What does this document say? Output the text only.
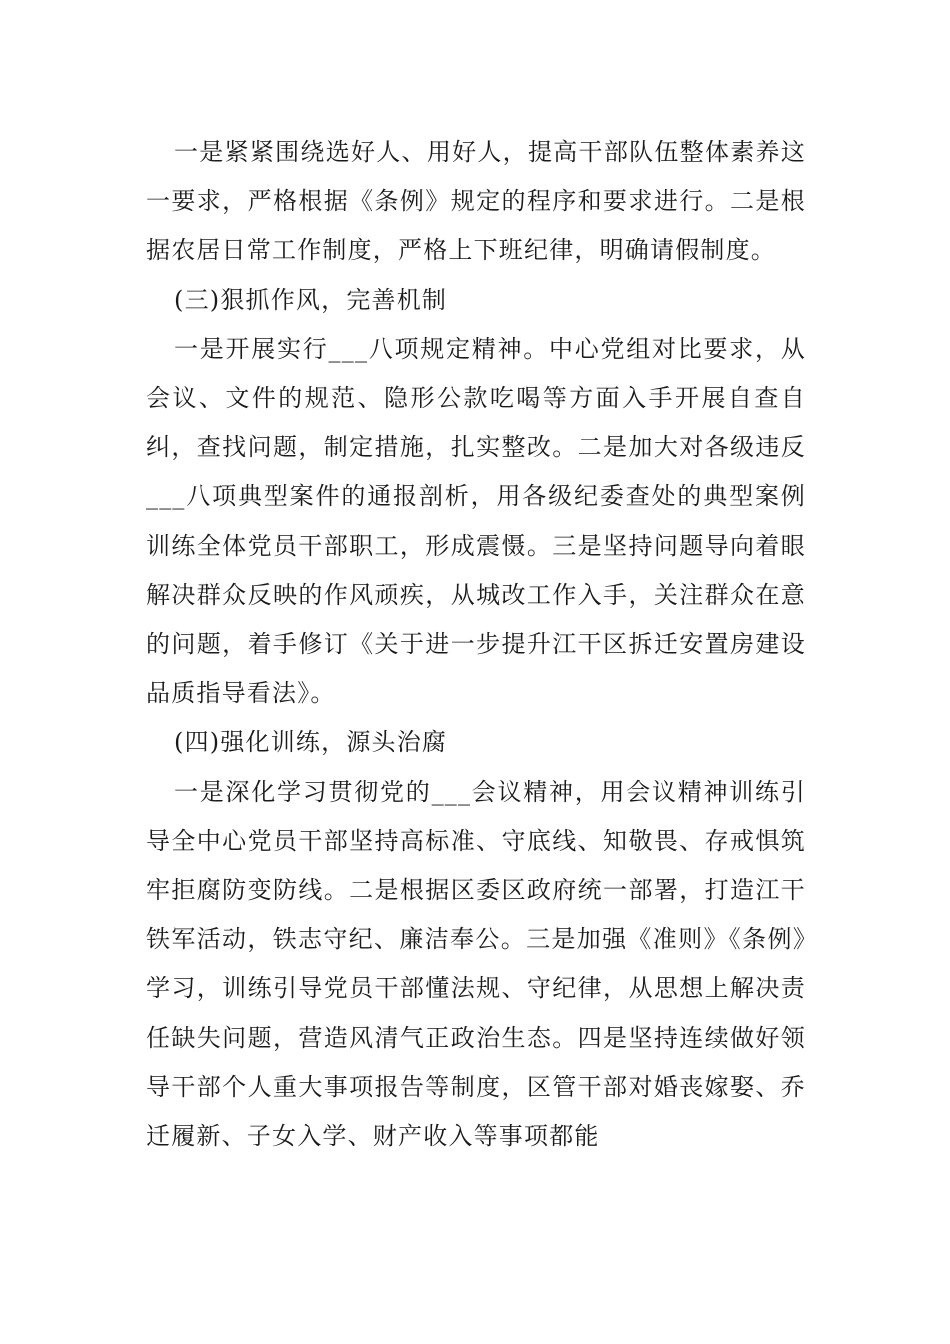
一是紧紧围绕选好人、用好人，提高干部队伍整体素养这一要求，严格根据《条例》规定的程序和要求进行。二是根据农居日常工作制度，严格上下班纪律，明确请假制度。

(三)狠抓作风，完善机制

一是开展实行___八项规定精神。中心党组对比要求，从会议、文件的规范、隐形公款吃喝等方面入手开展自查自纠，查找问题，制定措施，扎实整改。二是加大对各级违反___八项典型案件的通报剖析，用各级纪委查处的典型案例训练全体党员干部职工，形成震慑。三是坚持问题导向着眼解决群众反映的作风顽疾，从城改工作入手，关注群众在意的问题，着手修订《关于进一步提升江干区拆迁安置房建设品质指导看法》。

(四)强化训练，源头治腐

一是深化学习贯彻党的___会议精神，用会议精神训练引导全中心党员干部坚持高标准、守底线、知敬畏、存戒惧筑牢拒腐防变防线。二是根据区委区政府统一部署，打造江干铁军活动，铁志守纪、廉洁奉公。三是加强《准则》《条例》学习，训练引导党员干部懂法规、守纪律，从思想上解决责任缺失问题，营造风清气正政治生态。四是坚持连续做好领导干部个人重大事项报告等制度，区管干部对婚丧嫁娶、乔迁履新、子女入学、财产收入等事项都能
